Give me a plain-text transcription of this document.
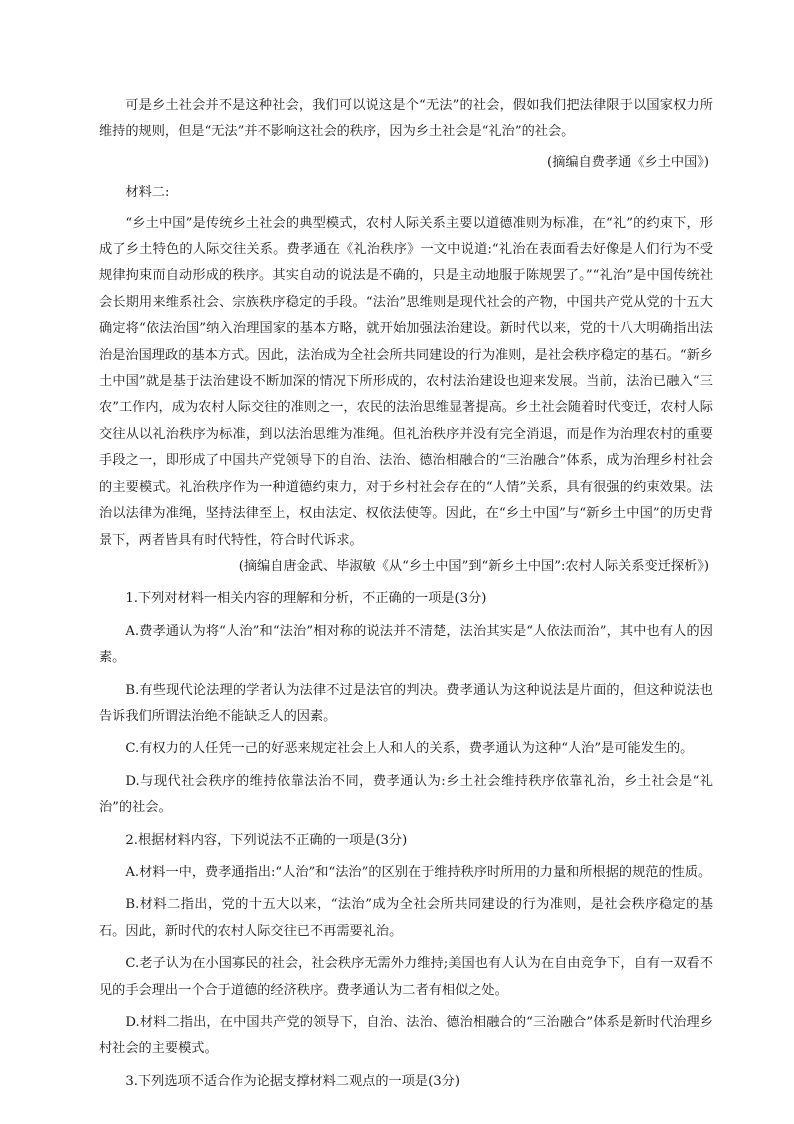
可是乡土社会并不是这种社会，我们可以说这是个“无法”的社会，假如我们把法律限于以国家权力所维持的规则，但是“无法”并不影响这社会的秩序，因为乡土社会是“礼治”的社会。

(摘编自费孝通《乡土中国》)

材料二:

“乡土中国”是传统乡土社会的典型模式，农村人际关系主要以道德准则为标准，在“礼”的约束下，形成了乡土特色的人际交往关系。费孝通在《礼治秩序》一文中说道:“礼治在表面看去好像是人们行为不受规律拘束而自动形成的秩序。其实自动的说法是不确的，只是主动地服于陈规罢了。”“礼治”是中国传统社会长期用来维系社会、宗族秩序稳定的手段。“法治”思维则是现代社会的产物，中国共产党从党的十五大确定将“依法治国”纳入治理国家的基本方略，就开始加强法治建设。新时代以来，党的十八大明确指出法治是治国理政的基本方式。因此，法治成为全社会所共同建设的行为准则，是社会秩序稳定的基石。“新乡土中国”就是基于法治建设不断加深的情况下所形成的，农村法治建设也迎来发展。当前，法治已融入“三农”工作内，成为农村人际交往的准则之一，农民的法治思维显著提高。乡土社会随着时代变迁，农村人际交往从以礼治秩序为标准，到以法治思维为准绳。但礼治秩序并没有完全消退，而是作为治理农村的重要手段之一，即形成了中国共产党领导下的自治、法治、德治相融合的“三治融合”体系，成为治理乡村社会的主要模式。礼治秩序作为一种道德约束力，对于乡村社会存在的“人情”关系，具有很强的约束效果。法治以法律为准绳，坚持法律至上，权由法定、权依法使等。因此，在“乡土中国”与“新乡土中国”的历史背景下，两者皆具有时代特性，符合时代诉求。

(摘编自唐金武、毕淑敏《从“乡土中国”到“新乡土中国”:农村人际关系变迁探析》)

1.下列对材料一相关内容的理解和分析，不正确的一项是(3分)

A.费孝通认为将“人治”和“法治”相对称的说法并不清楚，法治其实是“人依法而治”，其中也有人的因素。

B.有些现代论法理的学者认为法律不过是法官的判决。费孝通认为这种说法是片面的，但这种说法也告诉我们所谓法治绝不能缺乏人的因素。

C.有权力的人任凭一己的好恶来规定社会上人和人的关系，费孝通认为这种“人治”是可能发生的。

D.与现代社会秩序的维持依靠法治不同，费孝通认为:乡土社会维持秩序依靠礼治，乡土社会是“礼治”的社会。

2.根据材料内容，下列说法不正确的一项是(3分)

A.材料一中，费孝通指出:“人治”和“法治”的区别在于维持秩序时所用的力量和所根据的规范的性质。

B.材料二指出，党的十五大以来，“法治”成为全社会所共同建设的行为准则，是社会秩序稳定的基石。因此，新时代的农村人际交往已不再需要礼治。

C.老子认为在小国寡民的社会，社会秩序无需外力维持;美国也有人认为在自由竞争下，自有一双看不见的手会理出一个合于道德的经济秩序。费孝通认为二者有相似之处。

D.材料二指出，在中国共产党的领导下，自治、法治、德治相融合的“三治融合”体系是新时代治理乡村社会的主要模式。

3.下列选项不适合作为论据支撑材料二观点的一项是(3分)
